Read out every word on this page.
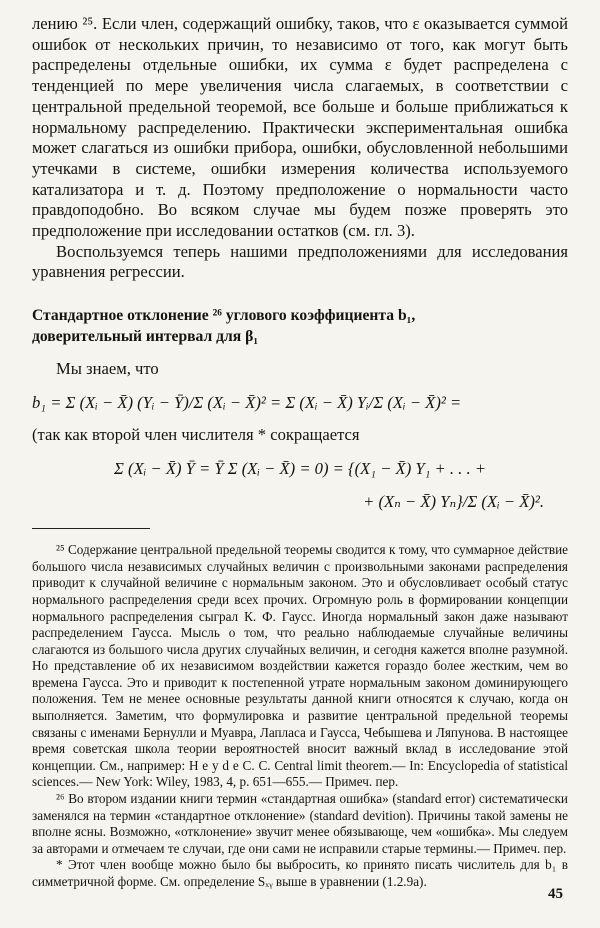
лению ²⁵. Если член, содержащий ошибку, таков, что ε оказывается суммой ошибок от нескольких причин, то независимо от того, как могут быть распределены отдельные ошибки, их сумма ε будет распределена с тенденцией по мере увеличения числа слагаемых, в соответствии с центральной предельной теоремой, все больше и больше приближаться к нормальному распределению. Практически экспериментальная ошибка может слагаться из ошибки прибора, ошибки, обусловленной небольшими утечками в системе, ошибки измерения количества используемого катализатора и т. д. Поэтому предположение о нормальности часто правдоподобно. Во всяком случае мы будем позже проверять это предположение при исследовании остатков (см. гл. 3).

Воспользуемся теперь нашими предположениями для исследования уравнения регрессии.

Стандартное отклонение ²⁶ углового коэффициента b₁,
доверительный интервал для β₁
Мы знаем, что
b₁ = Σ (Xᵢ − X̄) (Yᵢ − Ȳ)/Σ (Xᵢ − X̄)² = Σ (Xᵢ − X̄) Yᵢ/Σ (Xᵢ − X̄)² =
(так как второй член числителя * сокращается
Σ (Xᵢ − X̄) Ȳ = Ȳ Σ (Xᵢ − X̄) = 0) = {(X₁ − X̄) Y₁ + . . . +
+ (Xₙ − X̄) Yₙ}/Σ (Xᵢ − X̄)².

²⁵ Содержание центральной предельной теоремы сводится к тому, что суммарное действие большого числа независимых случайных величин с произвольными законами распределения приводит к случайной величине с нормальным законом. Это и обусловливает особый статус нормального распределения среди всех прочих. Огромную роль в формировании концепции нормального распределения сыграл К. Ф. Гаусс. Иногда нормальный закон даже называют распределением Гаусса. Мысль о том, что реально наблюдаемые случайные величины слагаются из большого числа других случайных величин, и сегодня кажется вполне разумной. Но представление об их независимом воздействии кажется гораздо более жестким, чем во времена Гаусса. Это и приводит к постепенной утрате нормальным законом доминирующего положения. Тем не менее основные результаты данной книги относятся к случаю, когда он выполняется. Заметим, что формулировка и развитие центральной предельной теоремы связаны с именами Бернулли и Муавра, Лапласа и Гаусса, Чебышева и Ляпунова. В настоящее время советская школа теории вероятностей вносит важный вклад в исследование этой концепции. См., например: H e y d e C. C. Central limit theorem.— In: Encyclopedia of statistical sciences.— New York: Wiley, 1983, 4, p. 651—655.— Примеч. пер.

²⁶ Во втором издании книги термин «стандартная ошибка» (standard error) систематически заменялся на термин «стандартное отклонение» (standard devition). Причины такой замены не вполне ясны. Возможно, «отклонение» звучит менее обязывающе, чем «ошибка». Мы следуем за авторами и отмечаем те случаи, где они сами не исправили старые термины.— Примеч. пер.

* Этот член вообще можно было бы выбросить, ко принято писать числитель для b₁ в симметричной форме. См. определение Sₓᵧ выше в уравнении (1.2.9a).

45
